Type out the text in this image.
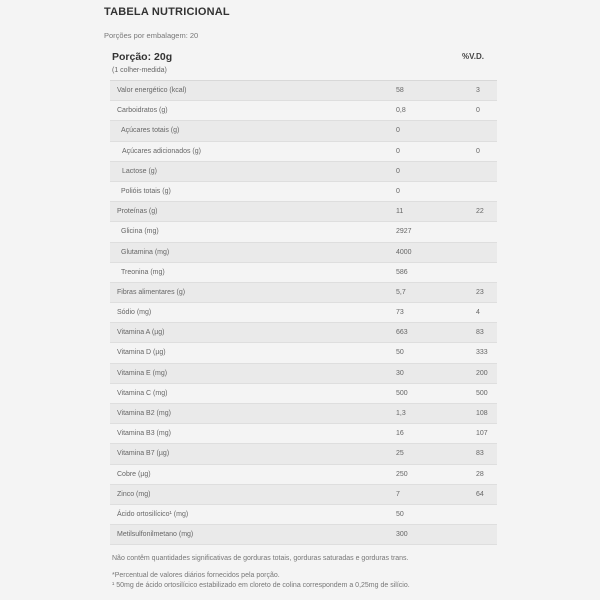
TABELA NUTRICIONAL
Porções por embalagem: 20
Porção: 20g
(1 colher-medida)
%V.D.
Valor energético (kcal)	58	3
Carboidratos (g)	0,8	0
Açúcares totais (g)	0
Açúcares adicionados (g)	0	0
Lactose (g)	0
Polióis totais (g)	0
Proteínas (g)	11	22
Glicina (mg)	2927
Glutamina (mg)	4000
Treonina (mg)	586
Fibras alimentares (g)	5,7	23
Sódio (mg)	73	4
Vitamina A (µg)	663	83
Vitamina D (µg)	50	333
Vitamina E (mg)	30	200
Vitamina C (mg)	500	500
Vitamina B2 (mg)	1,3	108
Vitamina B3 (mg)	16	107
Vitamina B7 (µg)	25	83
Cobre (µg)	250	28
Zinco (mg)	7	64
Ácido ortosilícico¹ (mg)	50
Metilsulfonilmetano (mg)	300
Não contêm quantidades significativas de gorduras totais, gorduras saturadas e gorduras trans.
*Percentual de valores diários fornecidos pela porção.
¹ 50mg de ácido ortosilícico estabilizado em cloreto de colina correspondem a 0,25mg de silício.
